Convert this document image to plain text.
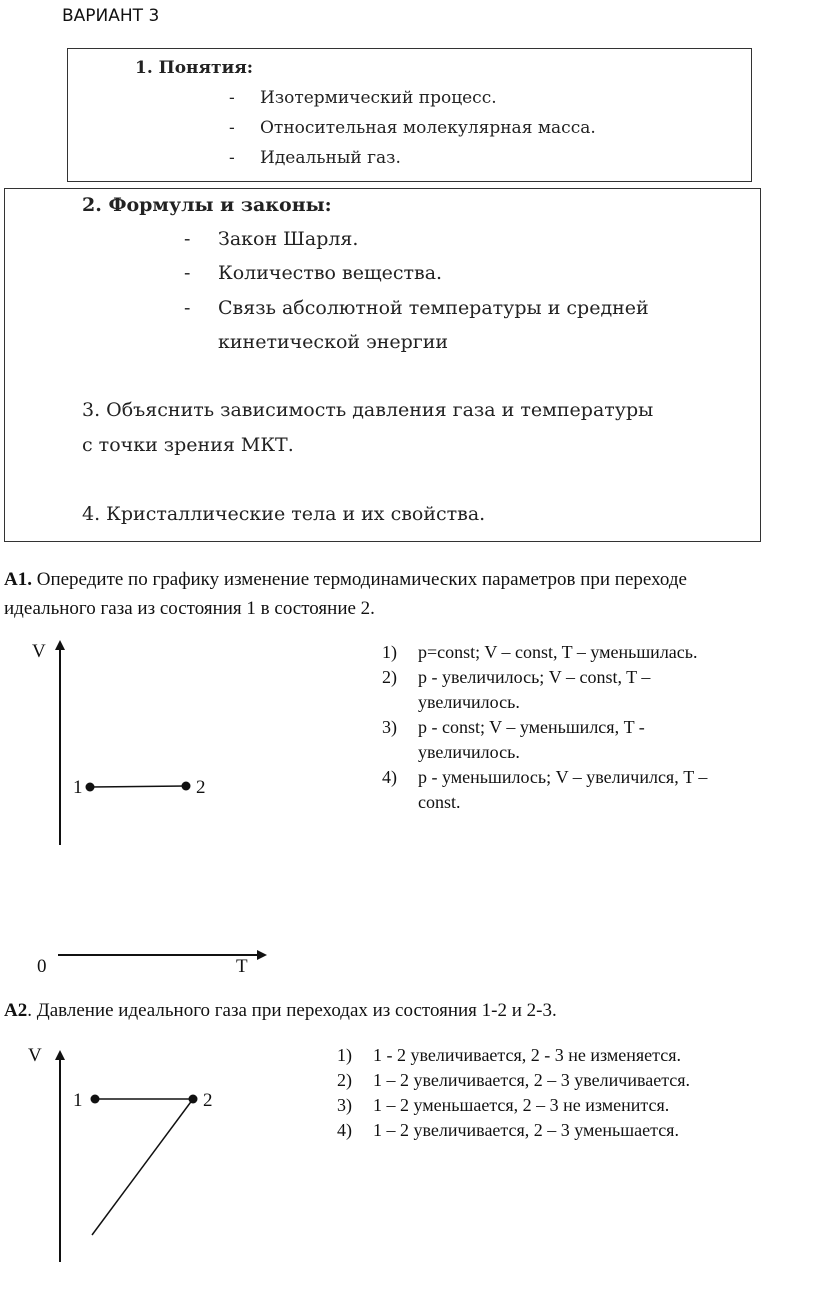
ВАРИАНТ 3
1. Понятия:
- Изотермический процесс.
- Относительная молекулярная масса.
- Идеальный газ.
2. Формулы и законы:
- Закон Шарля.
- Количество вещества.
- Связь абсолютной температуры и средней
кинетической энергии
3. Объяснить зависимость давления газа и температуры
с точки зрения МКТ.
4. Кристаллические тела и их свойства.
А1. Опередите по графику изменение термодинамических параметров при переходе
идеального газа из состояния 1 в состояние 2.
V
0	T
1	2
V
1	2
1) p=const; V – const, T – уменьшилась.
2) p - увеличилось; V – const, T –
увеличилось.
3) p - const; V – уменьшился, T -
увеличилось.
4) p - уменьшилось; V – увеличился, T –
const.
А2. Давление идеального газа при переходах из состояния 1-2 и 2-3.
1) 1 - 2 увеличивается, 2 - 3 не изменяется.
2) 1 – 2 увеличивается, 2 – 3 увеличивается.
3) 1 – 2 уменьшается, 2 – 3 не изменится.
4) 1 – 2 увеличивается, 2 – 3 уменьшается.
